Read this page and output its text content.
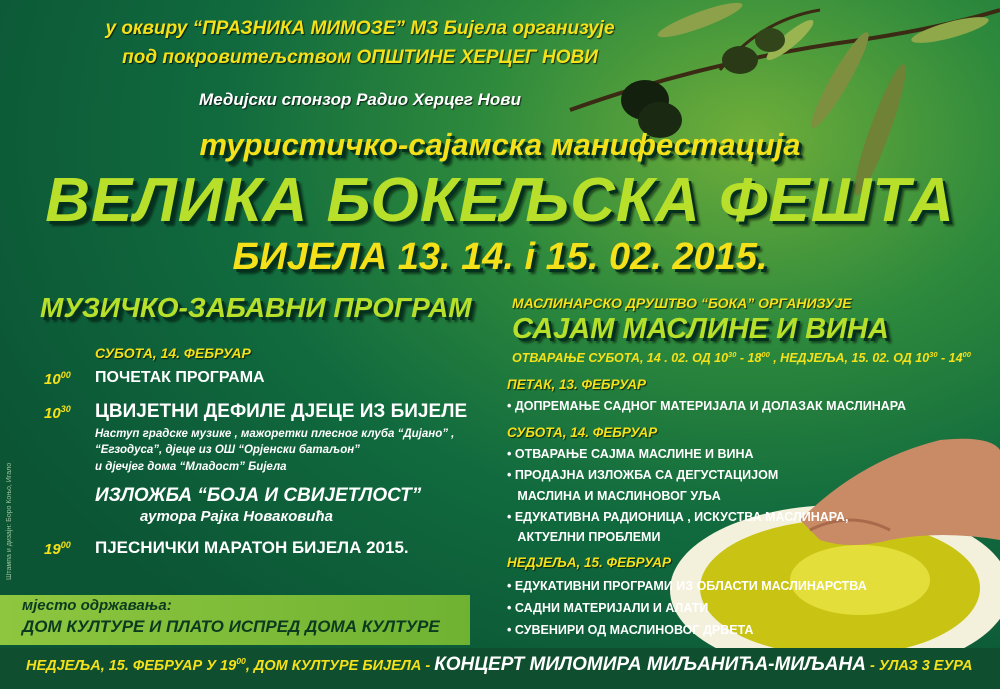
у оквиру “ПРАЗНИКА МИМОЗЕ” МЗ Бијела организује
под покровитељством ОПШТИНЕ ХЕРЦЕГ НОВИ
Медијски спонзор Радио Херцег Нови
туристичко-сајамска манифестација
ВЕЛИКА БОКЕЉСКА ФЕШТА
БИЈЕЛА 13. 14. і 15. 02. 2015.
МУЗИЧКО-ЗАБАВНИ ПРОГРАМ
СУБОТА, 14. ФЕБРУАР
$10^{00}$ ПОЧЕТАК ПРОГРАМА
$10^{30}$ ЦВИЈЕТНИ ДЕФИЛЕ ДЈЕЦЕ ИЗ БИЈЕЛЕ
Наступ градске музике , мажоретки плесног клуба “Дијано” ,
“Егзодуса”, дјеце из ОШ “Орјенски батаљон”
и дјечјег дома “Младост” Бијела
ИЗЛОЖБА “БОЈА И СВИЈЕТЛОСТ”
аутора Рајка Новаковића
$19^{00}$ ПЈЕСНИЧКИ МАРАТОН БИЈЕЛА 2015.
Штампа и дизајн: Боро Коњо, Игало
МАСЛИНАРСКО ДРУШТВО “БОКА” ОРГАНИЗУЈЕ
САЈАМ МАСЛИНЕ И ВИНА
ОТВАРАЊЕ СУБОТА, 14 . 02. ОД $10^{30} - 18^{00}$ , НЕДЈЕЉА, 15. 02. ОД $10^{30} - 14^{00}$
ПЕТАК, 13. ФЕБРУАР
• ДОПРЕМАЊЕ САДНОГ МАТЕРИЈАЛА И ДОЛАЗАК МАСЛИНАРА
СУБОТА, 14. ФЕБРУАР
• ОТВАРАЊЕ САЈМА МАСЛИНЕ И ВИНА
• ПРОДАЈНА ИЗЛОЖБА СА ДЕГУСТАЦИЈОМ
МАСЛИНА И МАСЛИНОВОГ УЉА
• ЕДУКАТИВНА РАДИОНИЦА , ИСКУСТВА МАСЛИНАРА,
АКТУЕЛНИ ПРОБЛЕМИ
НЕДЈЕЉА, 15. ФЕБРУАР
• ЕДУКАТИВНИ ПРОГРАМИ ИЗ ОБЛАСТИ МАСЛИНАРСТВА
• САДНИ МАТЕРИЈАЛИ И АЛАТИ
• СУВЕНИРИ ОД МАСЛИНОВОГ ДРВЕТА
мјесто одржавања:
ДОМ КУЛТУРЕ И ПЛАТО ИСПРЕД ДОМА КУЛТУРЕ
НЕДЈЕЉА, 15. ФЕБРУАР У $19^{00}$, ДОМ КУЛТУРЕ БИЈЕЛА - КОНЦЕРТ МИЛОМИРА МИЉАНИЋА-МИЉАНА - УЛАЗ 3 ЕУРА
